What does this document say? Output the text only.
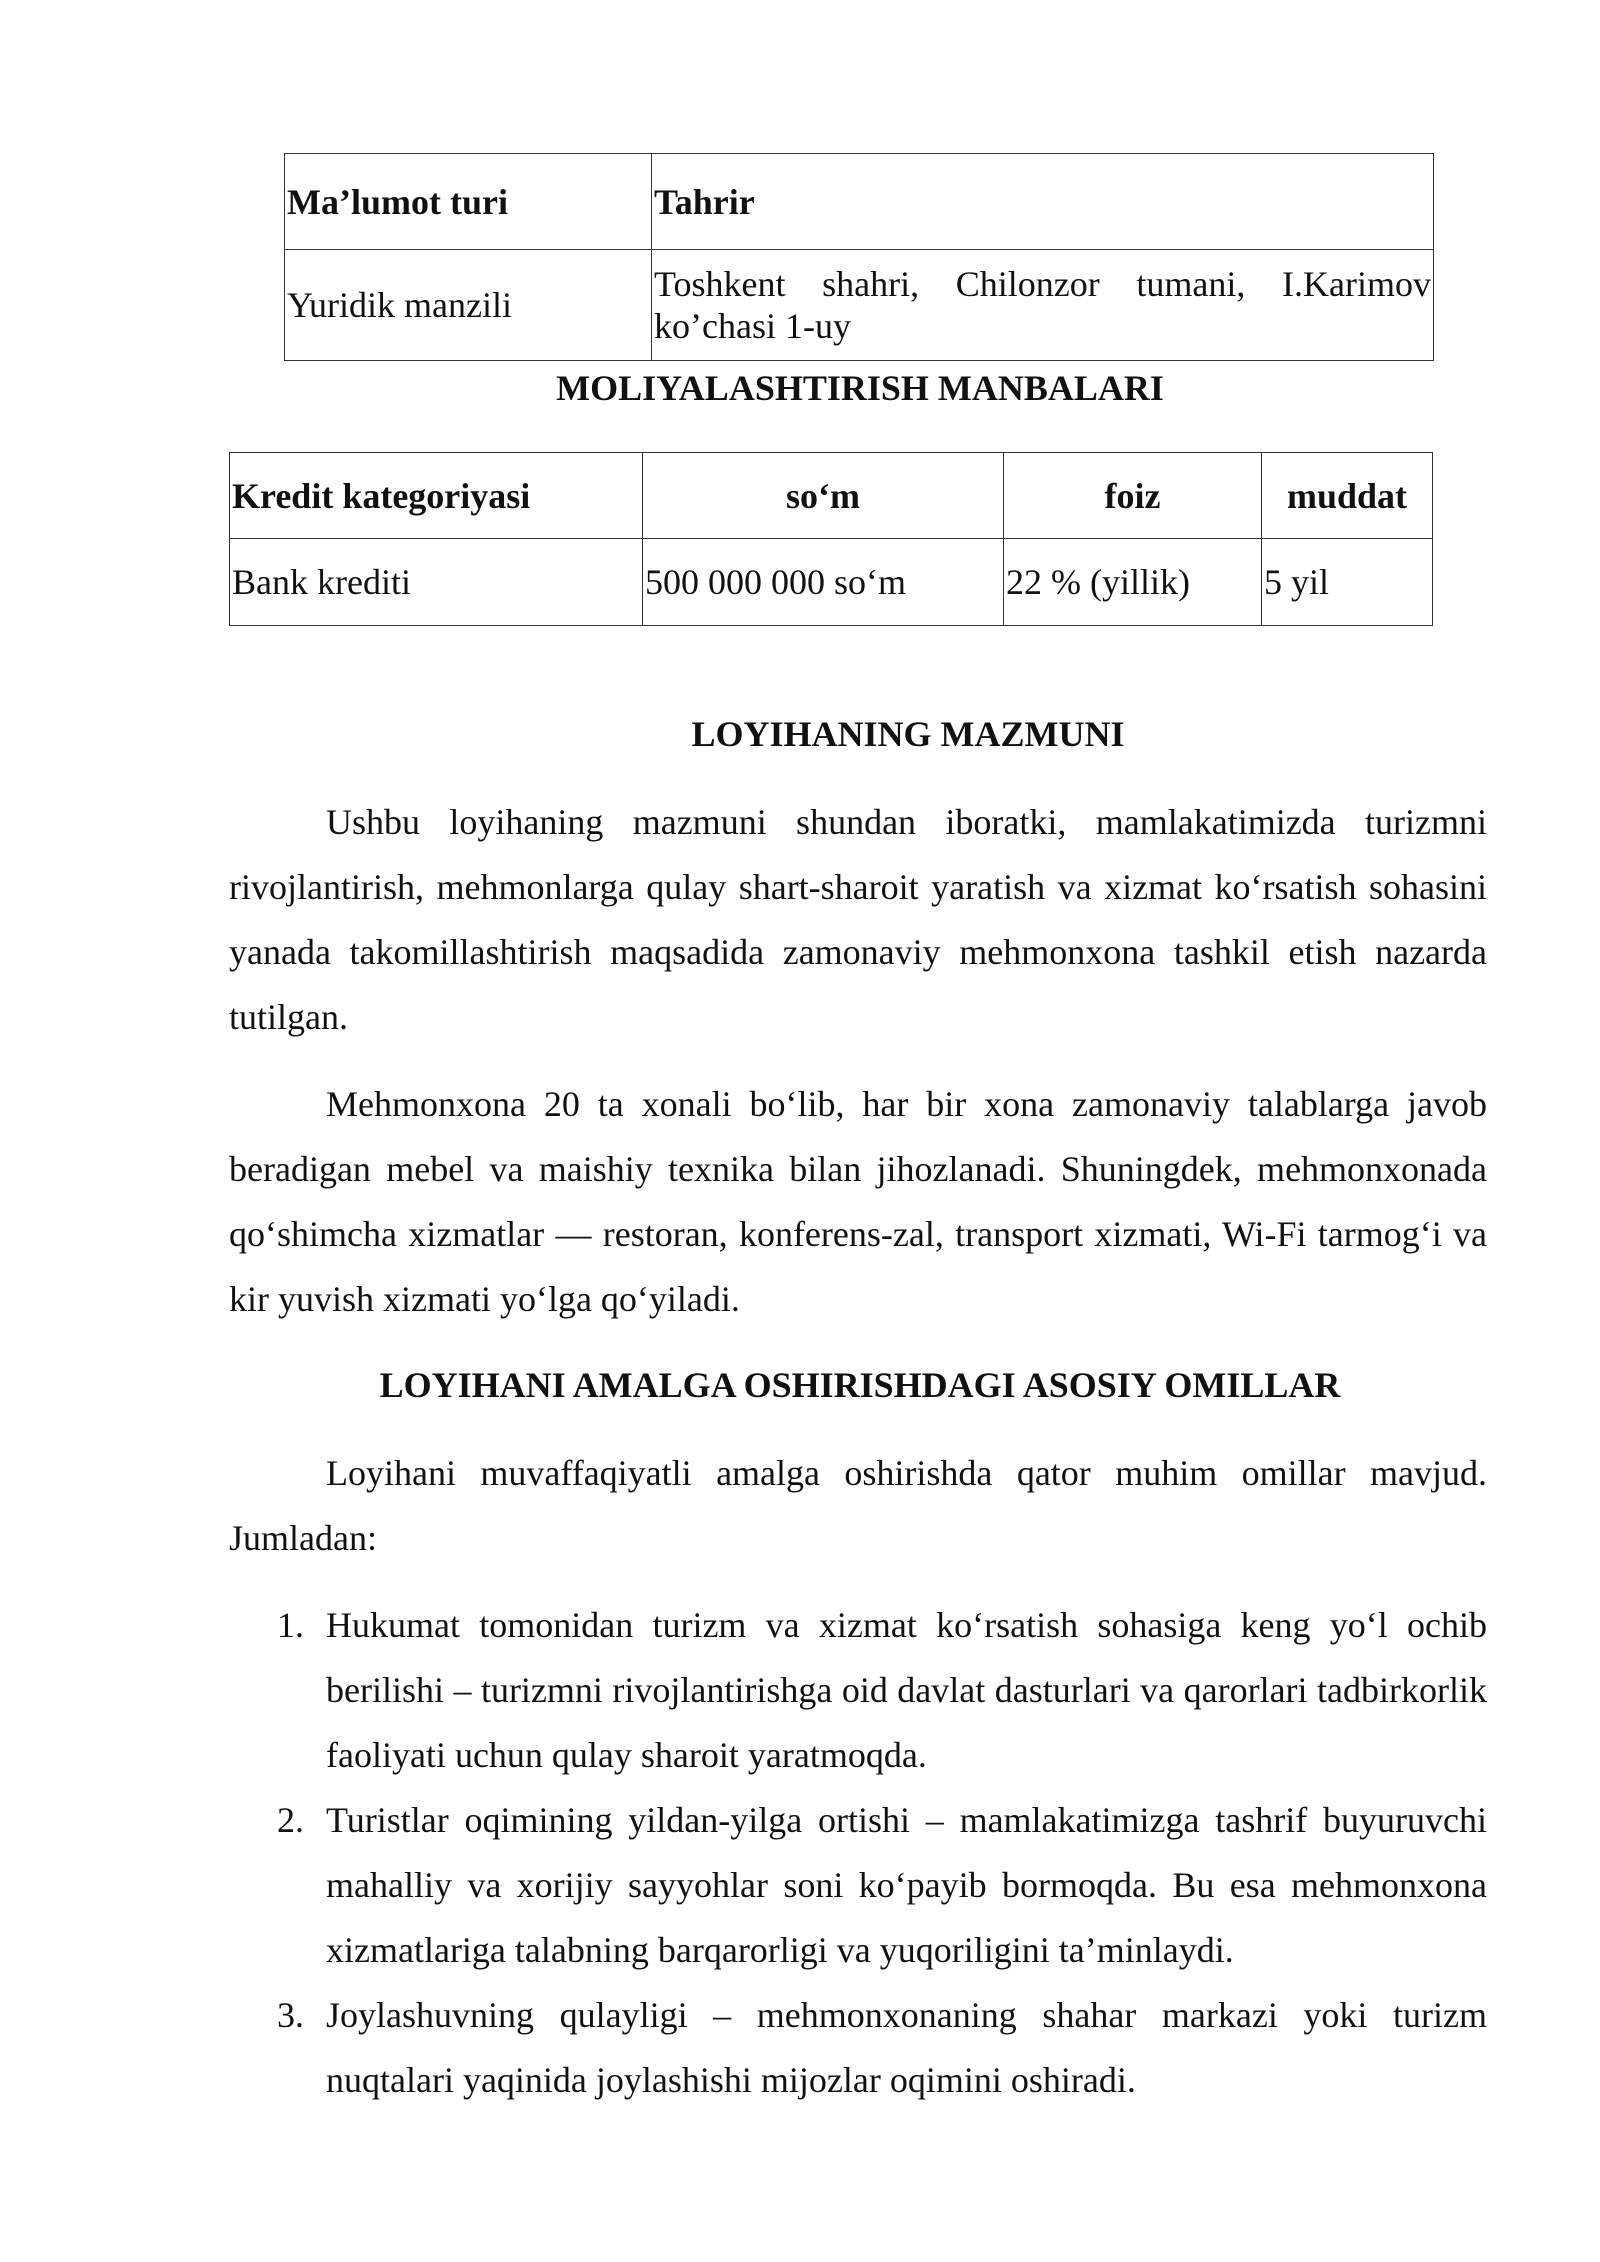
Ma’lumot turi	Tahrir
Yuridik manzili	Toshkent shahri, Chilonzor tumani, I.Karimov ko’chasi 1-uy
MOLIYALASHTIRISH MANBALARI
Kredit kategoriyasi	so‘m	foiz	muddat
Bank krediti	500 000 000 so‘m	22 % (yillik)	5 yil
LOYIHANING MAZMUNI

Ushbu loyihaning mazmuni shundan iboratki, mamlakatimizda turizmni rivojlantirish, mehmonlarga qulay shart-sharoit yaratish va xizmat ko‘rsatish sohasini yanada takomillashtirish maqsadida zamonaviy mehmonxona tashkil etish nazarda tutilgan.

Mehmonxona 20 ta xonali bo‘lib, har bir xona zamonaviy talablarga javob beradigan mebel va maishiy texnika bilan jihozlanadi. Shuningdek, mehmonxonada qo‘shimcha xizmatlar — restoran, konferens-zal, transport xizmati, Wi-Fi tarmog‘i va kir yuvish xizmati yo‘lga qo‘yiladi.

LOYIHANI AMALGA OSHIRISHDAGI ASOSIY OMILLAR

Loyihani muvaffaqiyatli amalga oshirishda qator muhim omillar mavjud. Jumladan:

1. Hukumat tomonidan turizm va xizmat ko‘rsatish sohasiga keng yo‘l ochib berilishi – turizmni rivojlantirishga oid davlat dasturlari va qarorlari tadbirkorlik faoliyati uchun qulay sharoit yaratmoqda.
2. Turistlar oqimining yildan-yilga ortishi – mamlakatimizga tashrif buyuruvchi mahalliy va xorijiy sayyohlar soni ko‘payib bormoqda. Bu esa mehmonxona xizmatlariga talabning barqarorligi va yuqoriligini ta’minlaydi.
3. Joylashuvning qulayligi – mehmonxonaning shahar markazi yoki turizm nuqtalari yaqinida joylashishi mijozlar oqimini oshiradi.
